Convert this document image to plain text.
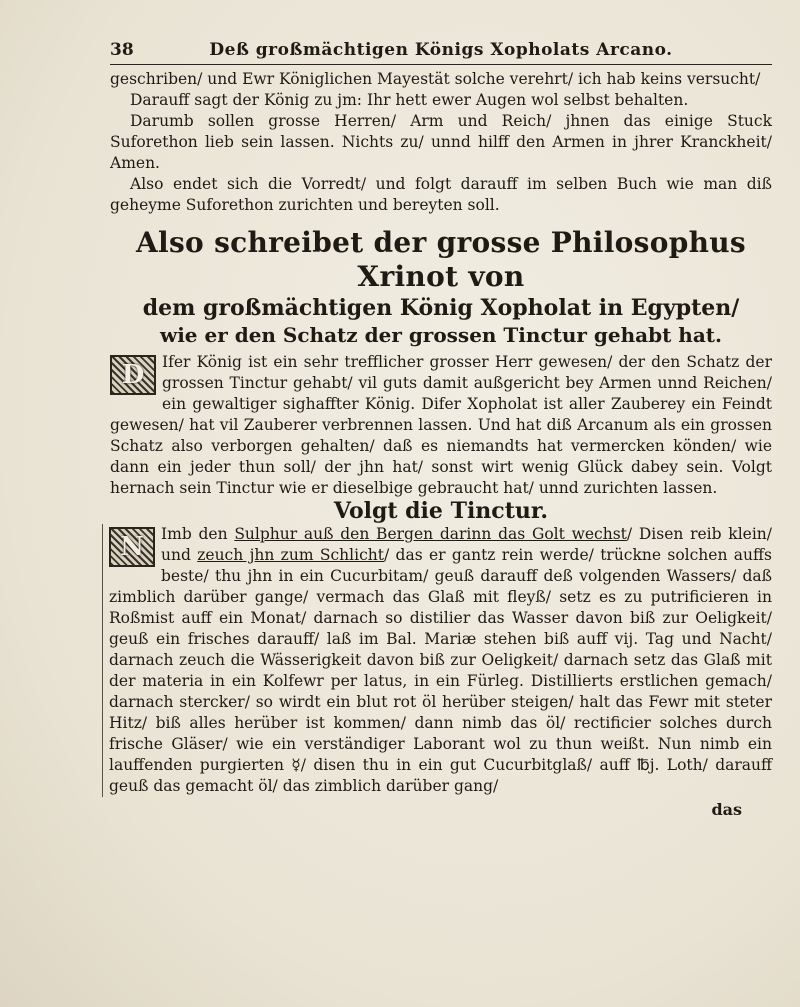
38	Deß großmächtigen Königs Xopholats Arcano.

geschriben/ und Ewr Königlichen Mayestät solche verehrt/ ich hab keins versucht/

Darauff sagt der König zu jm: Ihr hett ewer Augen wol selbst behalten.

Darumb sollen grosse Herren/ Arm und Reich/ jhnen das einige Stuck Suforethon lieb sein lassen. Nichts zu/ unnd hilff den Armen in jhrer Kranckheit/ Amen.

Also endet sich die Vorredt/ und folgt darauff im selben Buch wie man diß geheyme Suforethon zurichten und bereyten soll.

Also schreibet der grosse Philosophus Xrinot von
dem großmächtigen König Xopholat in Egypten/
wie er den Schatz der grossen Tinctur gehabt hat.

D	Ifer König ist ein sehr trefflicher grosser Herr gewesen/ der den Schatz der grossen Tinctur gehabt/ vil guts damit außgericht bey Armen unnd Reichen/ ein gewaltiger sighaffter König. Difer Xopholat ist aller Zauberey ein Feindt gewesen/ hat vil Zauberer verbrennen lassen. Und hat diß Arcanum als ein grossen Schatz also verborgen gehalten/ daß es niemandts hat vermercken könden/ wie dann ein jeder thun soll/ der jhn hat/ sonst wirt wenig Glück dabey sein. Volgt hernach sein Tinctur wie er dieselbige gebraucht hat/ unnd zurichten lassen.

Volgt die Tinctur.

N	Imb den Sulphur auß den Bergen darinn das Golt wechst/ Disen reib klein/ und zeuch jhn zum Schlicht/ das er gantz rein werde/ trückne solchen auffs beste/ thu jhn in ein Cucurbitam/ geuß darauff deß volgenden Wassers/ daß zimblich darüber gange/ vermach das Glaß mit fleyß/ setz es zu putrificieren in Roßmist auff ein Monat/ darnach so distilier das Wasser davon biß zur Oeligkeit/ geuß ein frisches darauff/ laß im Bal. Mariæ stehen biß auff vij. Tag und Nacht/ darnach zeuch die Wässerigkeit davon biß zur Oeligkeit/ darnach setz das Glaß mit der materia in ein Kolfewr per latus, in ein Fürleg. Distillierts erstlichen gemach/ darnach stercker/ so wirdt ein blut rot öl herüber steigen/ halt das Fewr mit steter Hitz/ biß alles herüber ist kommen/ dann nimb das öl/ rectificier solches durch frische Gläser/ wie ein verständiger Laborant wol zu thun weißt. Nun nimb ein lauffenden purgierten ☿/ disen thu in ein gut Cucurbitglaß/ auff ℔j. Loth/ darauff geuß das gemacht öl/ das zimblich darüber gang/

das
